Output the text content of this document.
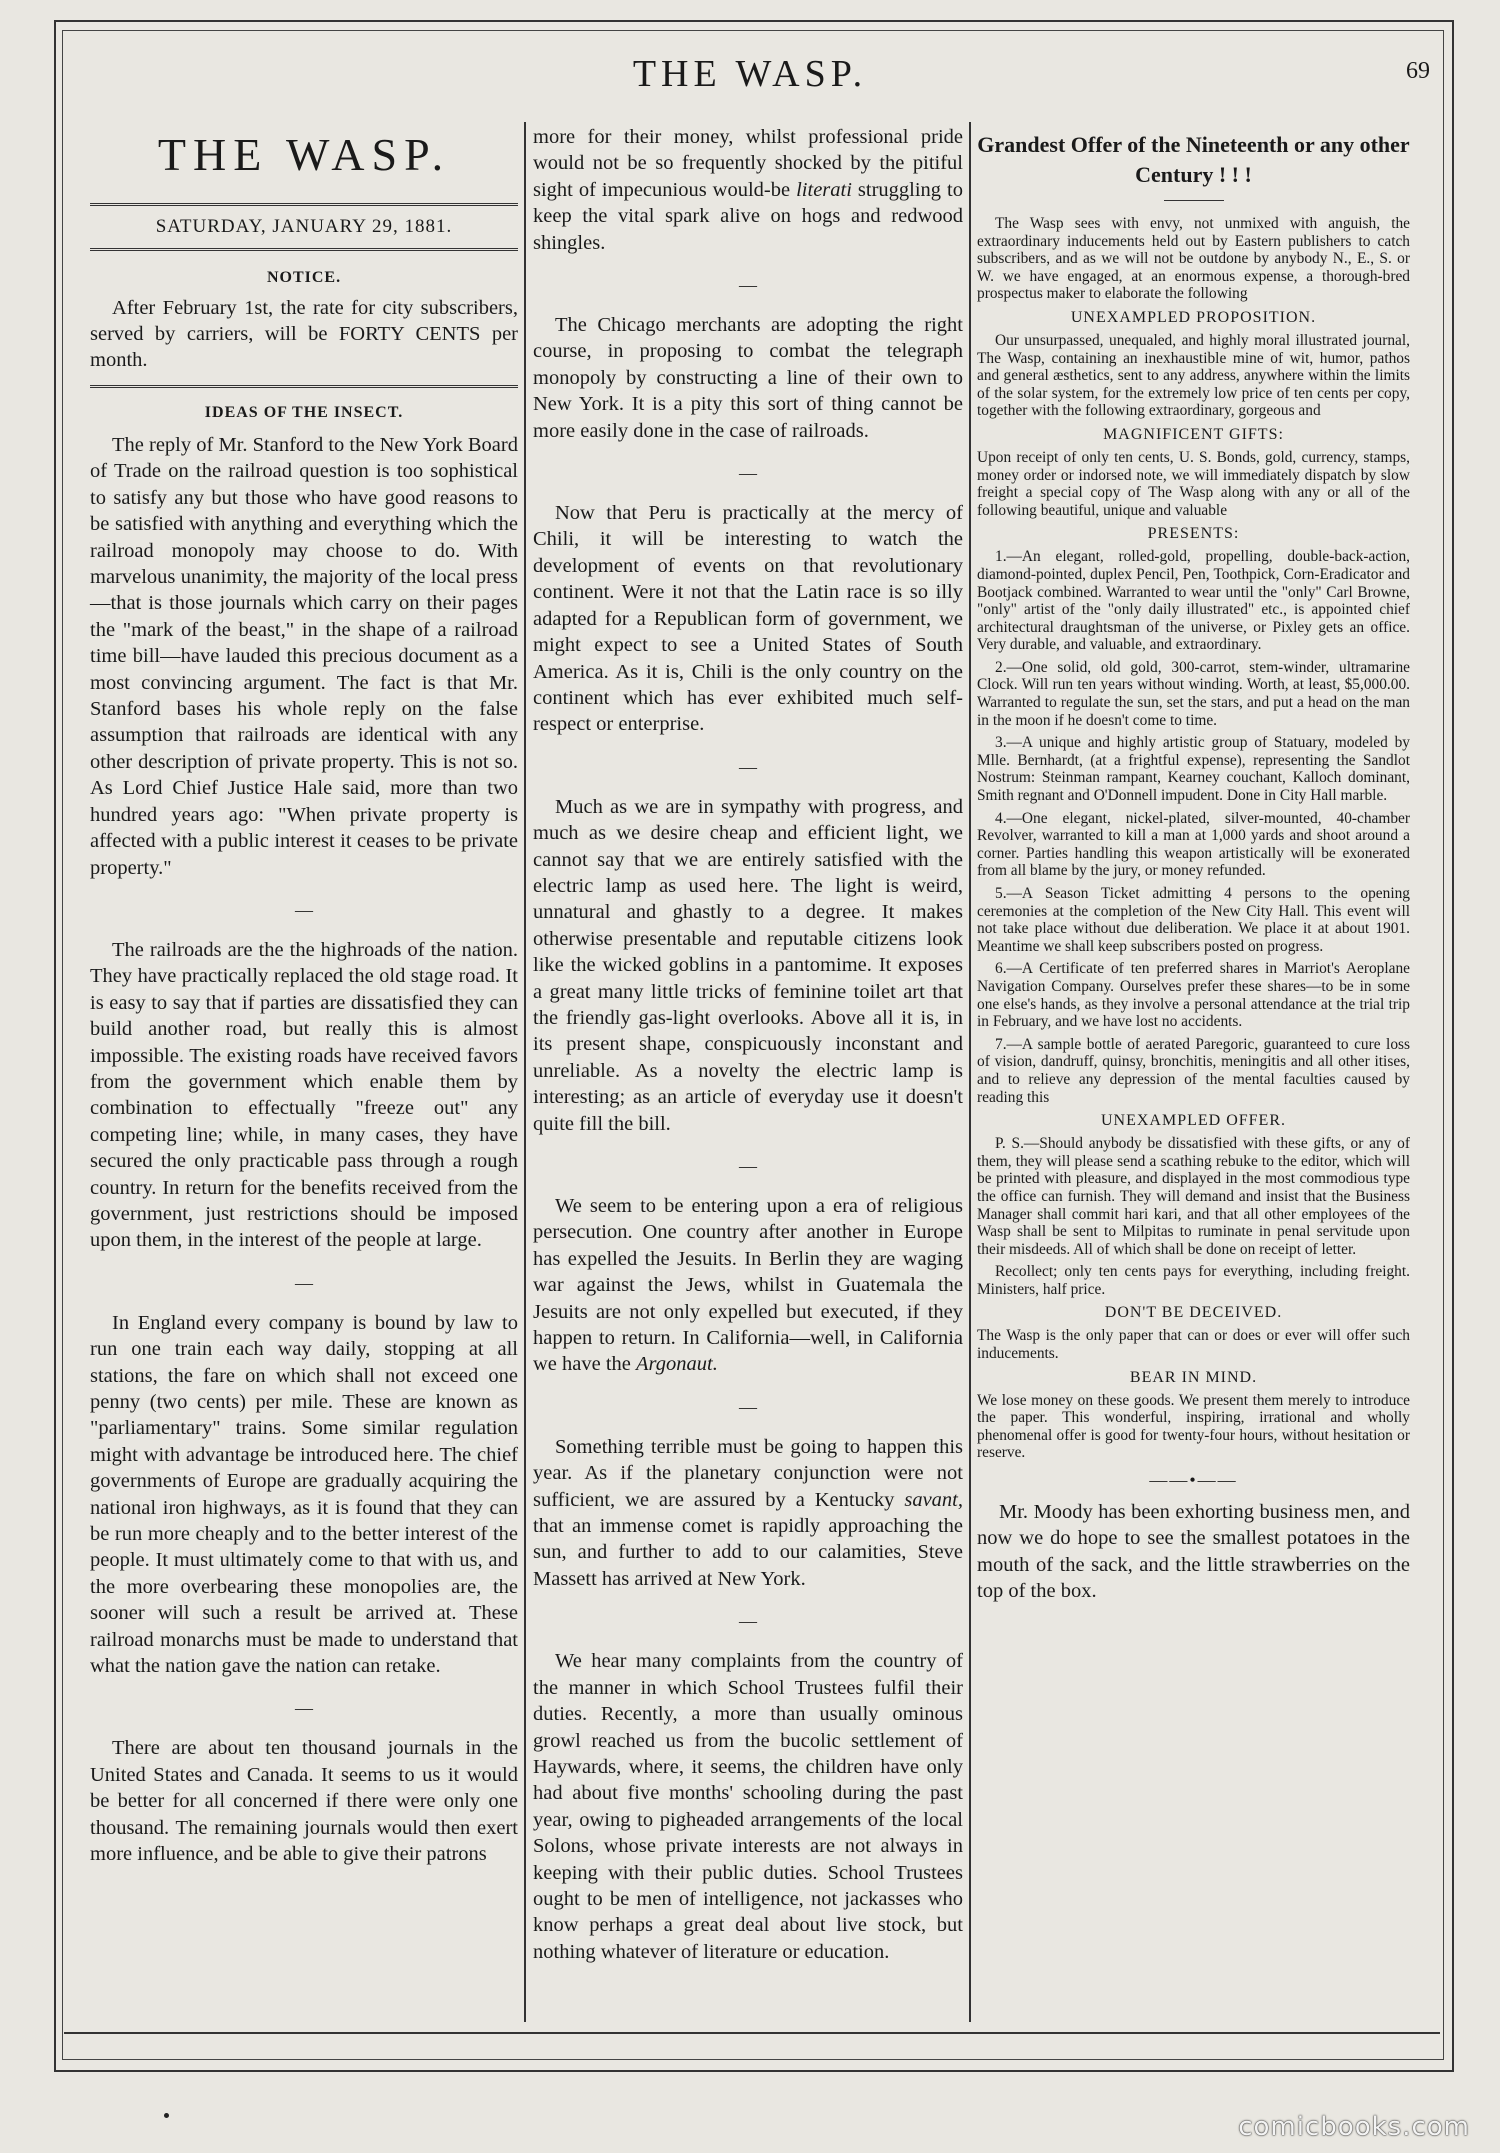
THE WASP.	69
THE WASP.
SATURDAY, JANUARY 29, 1881.
NOTICE.

After February 1st, the rate for city subscribers, served by carriers, will be FORTY CENTS per month.

IDEAS OF THE INSECT.

The reply of Mr. Stanford to the New York Board of Trade on the railroad question is too sophistical to satisfy any but those who have good reasons to be satisfied with anything and everything which the railroad monopoly may choose to do. With marvelous unanimity, the majority of the local press—that is those journals which carry on their pages the "mark of the beast," in the shape of a railroad time bill—have lauded this precious document as a most convincing argument. The fact is that Mr. Stanford bases his whole reply on the false assumption that railroads are identical with any other description of private property. This is not so. As Lord Chief Justice Hale said, more than two hundred years ago: "When private property is affected with a public interest it ceases to be private property."

—

The railroads are the the highroads of the nation. They have practically replaced the old stage road. It is easy to say that if parties are dissatisfied they can build another road, but really this is almost impossible. The existing roads have received favors from the government which enable them by combination to effectually "freeze out" any competing line; while, in many cases, they have secured the only practicable pass through a rough country. In return for the benefits received from the government, just restrictions should be imposed upon them, in the interest of the people at large.

—

In England every company is bound by law to run one train each way daily, stopping at all stations, the fare on which shall not exceed one penny (two cents) per mile. These are known as "parliamentary" trains. Some similar regulation might with advantage be introduced here. The chief governments of Europe are gradually acquiring the national iron highways, as it is found that they can be run more cheaply and to the better interest of the people. It must ultimately come to that with us, and the more overbearing these monopolies are, the sooner will such a result be arrived at. These railroad monarchs must be made to understand that what the nation gave the nation can retake.

—

There are about ten thousand journals in the United States and Canada. It seems to us it would be better for all concerned if there were only one thousand. The remaining journals would then exert more influence, and be able to give their patrons

more for their money, whilst professional pride would not be so frequently shocked by the pitiful sight of impecunious would-be literati struggling to keep the vital spark alive on hogs and redwood shingles.

—

The Chicago merchants are adopting the right course, in proposing to combat the telegraph monopoly by constructing a line of their own to New York. It is a pity this sort of thing cannot be more easily done in the case of railroads.

—

Now that Peru is practically at the mercy of Chili, it will be interesting to watch the development of events on that revolutionary continent. Were it not that the Latin race is so illy adapted for a Republican form of government, we might expect to see a United States of South America. As it is, Chili is the only country on the continent which has ever exhibited much self-respect or enterprise.

—

Much as we are in sympathy with progress, and much as we desire cheap and efficient light, we cannot say that we are entirely satisfied with the electric lamp as used here. The light is weird, unnatural and ghastly to a degree. It makes otherwise presentable and reputable citizens look like the wicked goblins in a pantomime. It exposes a great many little tricks of feminine toilet art that the friendly gas-light overlooks. Above all it is, in its present shape, conspicuously inconstant and unreliable. As a novelty the electric lamp is interesting; as an article of everyday use it doesn't quite fill the bill.

—

We seem to be entering upon a era of religious persecution. One country after another in Europe has expelled the Jesuits. In Berlin they are waging war against the Jews, whilst in Guatemala the Jesuits are not only expelled but executed, if they happen to return. In California—well, in California we have the Argonaut.

—

Something terrible must be going to happen this year. As if the planetary conjunction were not sufficient, we are assured by a Kentucky savant, that an immense comet is rapidly approaching the sun, and further to add to our calamities, Steve Massett has arrived at New York.

—

We hear many complaints from the country of the manner in which School Trustees fulfil their duties. Recently, a more than usually ominous growl reached us from the bucolic settlement of Haywards, where, it seems, the children have only had about five months' schooling during the past year, owing to pigheaded arrangements of the local Solons, whose private interests are not always in keeping with their public duties. School Trustees ought to be men of intelligence, not jackasses who know perhaps a great deal about live stock, but nothing whatever of literature or education.

Grandest Offer of the Nineteenth or any other Century ! ! !

The Wasp sees with envy, not unmixed with anguish, the extraordinary inducements held out by Eastern publishers to catch subscribers, and as we will not be outdone by anybody N., E., S. or W. we have engaged, at an enormous expense, a thorough-bred prospectus maker to elaborate the following

UNEXAMPLED PROPOSITION.

Our unsurpassed, unequaled, and highly moral illustrated journal, The Wasp, containing an inexhaustible mine of wit, humor, pathos and general æsthetics, sent to any address, anywhere within the limits of the solar system, for the extremely low price of ten cents per copy, together with the following extraordinary, gorgeous and

MAGNIFICENT GIFTS:

Upon receipt of only ten cents, U. S. Bonds, gold, currency, stamps, money order or indorsed note, we will immediately dispatch by slow freight a special copy of The Wasp along with any or all of the following beautiful, unique and valuable

PRESENTS:

1.—An elegant, rolled-gold, propelling, double-back-action, diamond-pointed, duplex Pencil, Pen, Toothpick, Corn-Eradicator and Bootjack combined. Warranted to wear until the "only" Carl Browne, "only" artist of the "only daily illustrated" etc., is appointed chief architectural draughtsman of the universe, or Pixley gets an office. Very durable, and valuable, and extraordinary.

2.—One solid, old gold, 300-carrot, stem-winder, ultramarine Clock. Will run ten years without winding. Worth, at least, $5,000.00. Warranted to regulate the sun, set the stars, and put a head on the man in the moon if he doesn't come to time.

3.—A unique and highly artistic group of Statuary, modeled by Mlle. Bernhardt, (at a frightful expense), representing the Sandlot Nostrum: Steinman rampant, Kearney couchant, Kalloch dominant, Smith regnant and O'Donnell impudent. Done in City Hall marble.

4.—One elegant, nickel-plated, silver-mounted, 40-chamber Revolver, warranted to kill a man at 1,000 yards and shoot around a corner. Parties handling this weapon artistically will be exonerated from all blame by the jury, or money refunded.

5.—A Season Ticket admitting 4 persons to the opening ceremonies at the completion of the New City Hall. This event will not take place without due deliberation. We place it at about 1901. Meantime we shall keep subscribers posted on progress.

6.—A Certificate of ten preferred shares in Marriot's Aeroplane Navigation Company. Ourselves prefer these shares—to be in some one else's hands, as they involve a personal attendance at the trial trip in February, and we have lost no accidents.

7.—A sample bottle of aerated Paregoric, guaranteed to cure loss of vision, dandruff, quinsy, bronchitis, meningitis and all other itises, and to relieve any depression of the mental faculties caused by reading this

UNEXAMPLED OFFER.

P. S.—Should anybody be dissatisfied with these gifts, or any of them, they will please send a scathing rebuke to the editor, which will be printed with pleasure, and displayed in the most commodious type the office can furnish. They will demand and insist that the Business Manager shall commit hari kari, and that all other employees of the Wasp shall be sent to Milpitas to ruminate in penal servitude upon their misdeeds. All of which shall be done on receipt of letter.

Recollect; only ten cents pays for everything, including freight. Ministers, half price.

DON'T BE DECEIVED.

The Wasp is the only paper that can or does or ever will offer such inducements.

BEAR IN MIND.

We lose money on these goods. We present them merely to introduce the paper. This wonderful, inspiring, irrational and wholly phenomenal offer is good for twenty-four hours, without hesitation or reserve.

——•——

Mr. Moody has been exhorting business men, and now we do hope to see the smallest potatoes in the mouth of the sack, and the little strawberries on the top of the box.

comicbooks.com
